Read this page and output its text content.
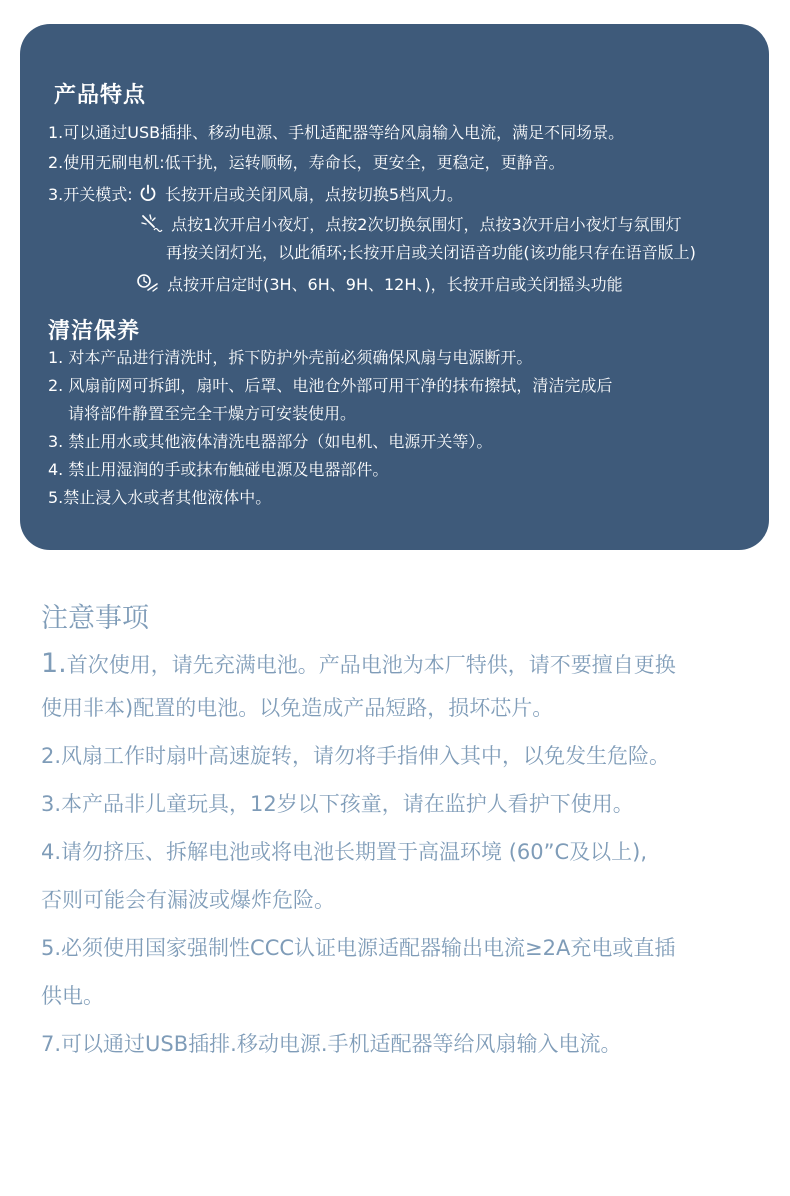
产品特点
1.可以通过USB插排、移动电源、手机适配器等给风扇输入电流，满足不同场景。
2.使用无刷电机:低干扰，运转顺畅，寿命长，更安全，更稳定，更静音。
3.开关模式: 长按开启或关闭风扇，点按切换5档风力。
点按1次开启小夜灯，点按2次切换氛围灯，点按3次开启小夜灯与氛围灯
再按关闭灯光，以此循环;长按开启或关闭语音功能(该功能只存在语音版上)
点按开启定时(3H、6H、9H、12H、)，长按开启或关闭摇头功能
清洁保养
1. 对本产品进行清洗时，拆下防护外壳前必须确保风扇与电源断开。
2. 风扇前网可拆卸，扇叶、后罩、电池仓外部可用干净的抹布擦拭，清洁完成后
请将部件静置至完全干燥方可安装使用。
3. 禁止用水或其他液体清洗电器部分（如电机、电源开关等）。
4. 禁止用湿润的手或抹布触碰电源及电器部件。
5.禁止浸入水或者其他液体中。
注意事项
1.首次使用，请先充满电池。产品电池为本厂特供，请不要擅自更换
使用非本)配置的电池。以免造成产品短路，损坏芯片。
2.风扇工作时扇叶高速旋转，请勿将手指伸入其中，以免发生危险。
3.本产品非儿童玩具，12岁以下孩童，请在监护人看护下使用。
4.请勿挤压、拆解电池或将电池长期置于高温环境 (60”C及以上),
否则可能会有漏波或爆炸危险。
5.必须使用国家强制性CCC认证电源适配器输出电流≥2A充电或直插
供电。
7.可以通过USB插排.移动电源.手机适配器等给风扇输入电流。
